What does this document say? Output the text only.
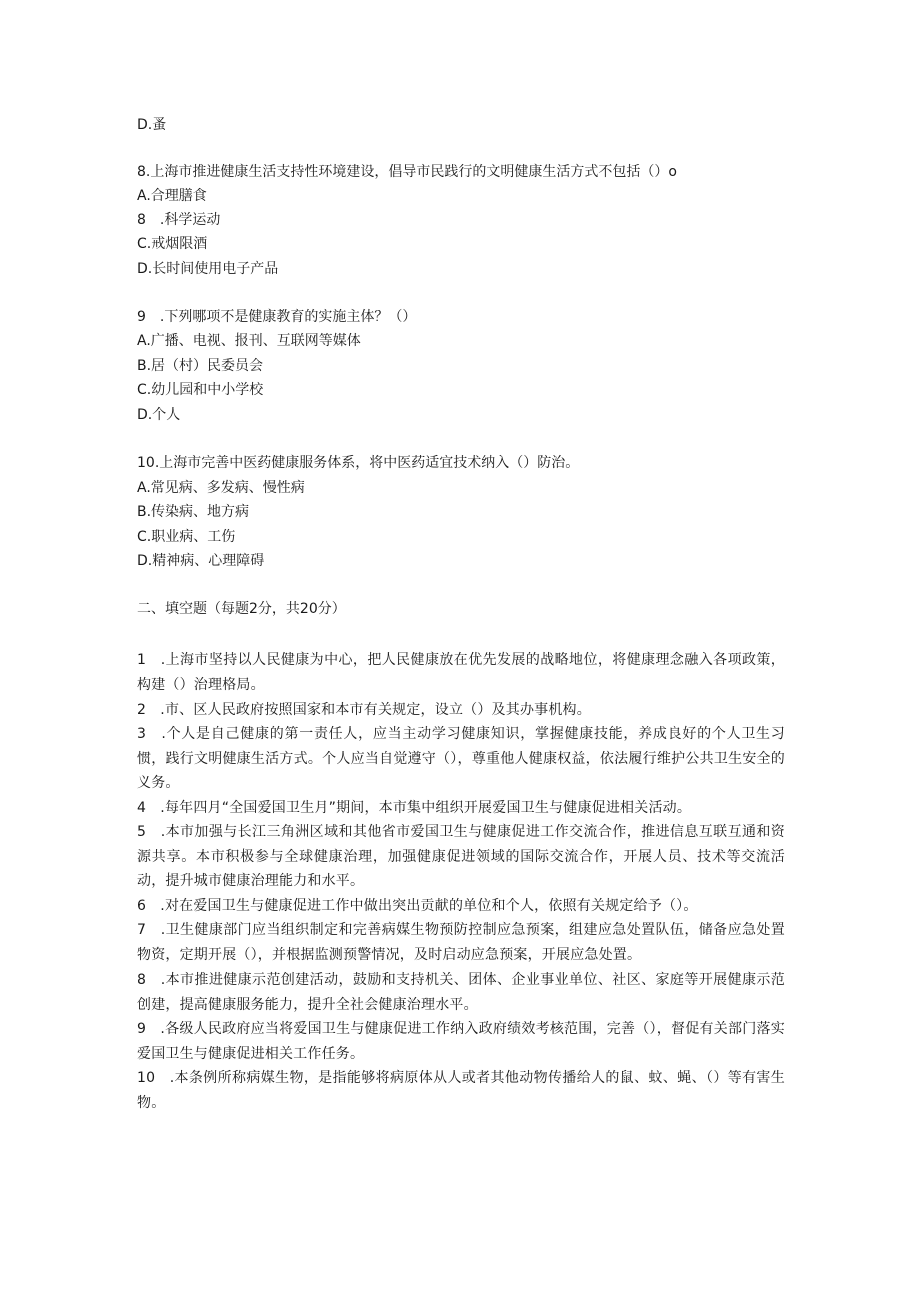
D.蚤
8.上海市推进健康生活支持性环境建设，倡导市民践行的文明健康生活方式不包括（）o
A.合理膳食
8　.科学运动
C.戒烟限酒
D.长时间使用电子产品
9　.下列哪项不是健康教育的实施主体？（）
A.广播、电视、报刊、互联网等媒体
B.居（村）民委员会
C.幼儿园和中小学校
D.个人
10.上海市完善中医药健康服务体系，将中医药适宜技术纳入（）防治。
A.常见病、多发病、慢性病
B.传染病、地方病
C.职业病、工伤
D.精神病、心理障碍
二、填空题（每题2分，共20分）
1　.上海市坚持以人民健康为中心，把人民健康放在优先发展的战略地位，将健康理念融入各项政策，构建（）治理格局。
2　.市、区人民政府按照国家和本市有关规定，设立（）及其办事机构。
3　.个人是自己健康的第一责任人，应当主动学习健康知识，掌握健康技能，养成良好的个人卫生习惯，践行文明健康生活方式。个人应当自觉遵守（），尊重他人健康权益，依法履行维护公共卫生安全的义务。
4　.每年四月“全国爱国卫生月”期间，本市集中组织开展爱国卫生与健康促进相关活动。
5　.本市加强与长江三角洲区域和其他省市爱国卫生与健康促进工作交流合作，推进信息互联互通和资源共享。本市积极参与全球健康治理，加强健康促进领域的国际交流合作，开展人员、技术等交流活动，提升城市健康治理能力和水平。
6　.对在爱国卫生与健康促进工作中做出突出贡献的单位和个人，依照有关规定给予（）。
7　.卫生健康部门应当组织制定和完善病媒生物预防控制应急预案，组建应急处置队伍，储备应急处置物资，定期开展（），并根据监测预警情况，及时启动应急预案，开展应急处置。
8　.本市推进健康示范创建活动，鼓励和支持机关、团体、企业事业单位、社区、家庭等开展健康示范创建，提高健康服务能力，提升全社会健康治理水平。
9　.各级人民政府应当将爱国卫生与健康促进工作纳入政府绩效考核范围，完善（），督促有关部门落实爱国卫生与健康促进相关工作任务。
10　.本条例所称病媒生物，是指能够将病原体从人或者其他动物传播给人的鼠、蚊、蝇、（）等有害生物。
